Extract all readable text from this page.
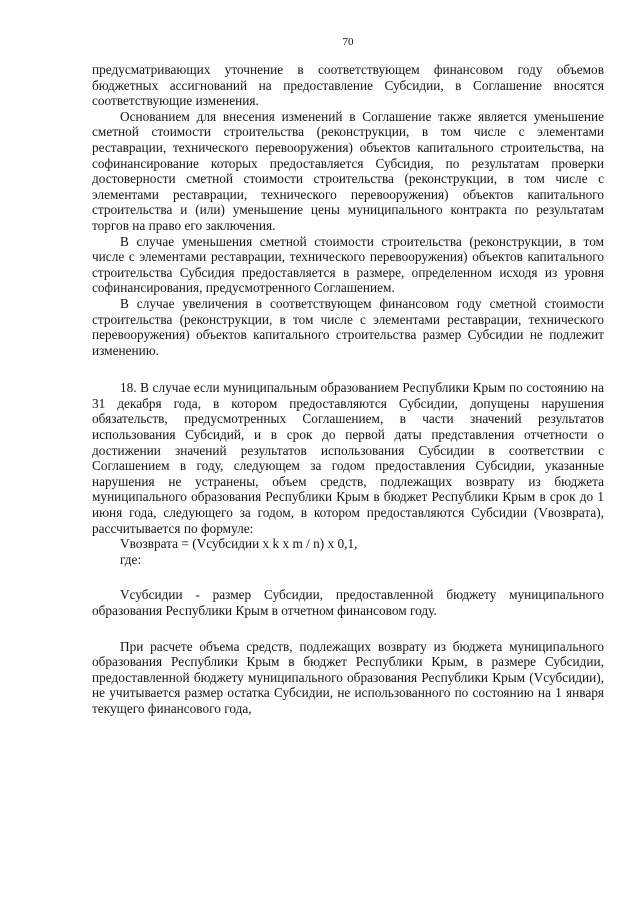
70

предусматривающих уточнение в соответствующем финансовом году объемов бюджетных ассигнований на предоставление Субсидии, в Соглашение вносятся соответствующие изменения.

Основанием для внесения изменений в Соглашение также является уменьшение сметной стоимости строительства (реконструкции, в том числе с элементами реставрации, технического перевооружения) объектов капитального строительства, на софинансирование которых предоставляется Субсидия, по результатам проверки достоверности сметной стоимости строительства (реконструкции, в том числе с элементами реставрации, технического перевооружения) объектов капитального строительства и (или) уменьшение цены муниципального контракта по результатам торгов на право его заключения.

В случае уменьшения сметной стоимости строительства (реконструкции, в том числе с элементами реставрации, технического перевооружения) объектов капитального строительства Субсидия предоставляется в размере, определенном исходя из уровня софинансирования, предусмотренного Соглашением.

В случае увеличения в соответствующем финансовом году сметной стоимости строительства (реконструкции, в том числе с элементами реставрации, технического перевооружения) объектов капитального строительства размер Субсидии не подлежит изменению.

18. В случае если муниципальным образованием Республики Крым по состоянию на 31 декабря года, в котором предоставляются Субсидии, допущены нарушения обязательств, предусмотренных Соглашением, в части значений результатов использования Субсидий, и в срок до первой даты представления отчетности о достижении значений результатов использования Субсидии в соответствии с Соглашением в году, следующем за годом предоставления Субсидии, указанные нарушения не устранены, объем средств, подлежащих возврату из бюджета муниципального образования Республики Крым в бюджет Республики Крым в срок до 1 июня года, следующего за годом, в котором предоставляются Субсидии (Vвозврата), рассчитывается по формуле:

Vвозврата = (Vсубсидии х k х m / n) х 0,1,

где:

Vсубсидии - размер Субсидии, предоставленной бюджету муниципального образования Республики Крым в отчетном финансовом году.

При расчете объема средств, подлежащих возврату из бюджета муниципального образования Республики Крым в бюджет Республики Крым, в размере Субсидии, предоставленной бюджету муниципального образования Республики Крым (Vсубсидии), не учитывается размер остатка Субсидии, не использованного по состоянию на 1 января текущего финансового года,
